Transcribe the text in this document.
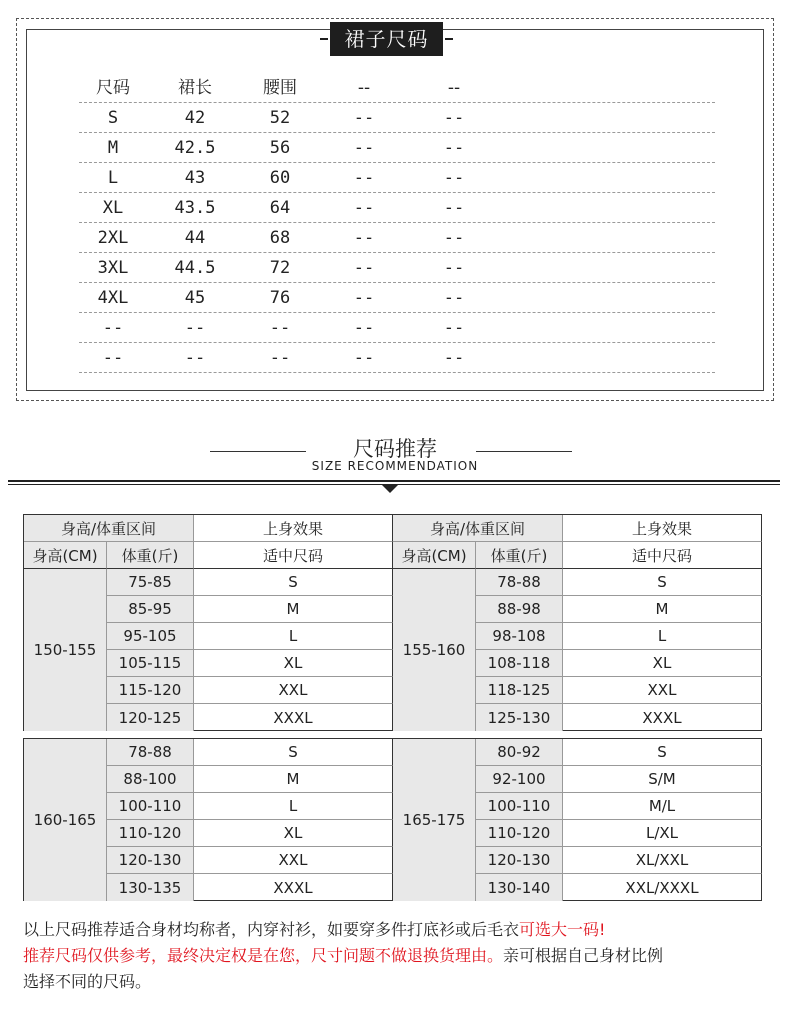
裙子尺码
尺码	裙长	腰围	--	--
S	42	52	--	--
M	42.5	56	--	--
L	43	60	--	--
XL	43.5	64	--	--
2XL	44	68	--	--
3XL	44.5	72	--	--
4XL	45	76	--	--
--	--	--	--	--
--	--	--	--	--
尺码推荐
SIZE RECOMMENDATION
身高/体重区间	上身效果
身高(CM)	体重(斤)	适中尺码
150-155
75-85	S
85-95	M
95-105	L
105-115	XL
115-120	XXL
120-125	XXXL
身高/体重区间	上身效果
身高(CM)	体重(斤)	适中尺码
155-160
78-88	S
88-98	M
98-108	L
108-118	XL
118-125	XXL
125-130	XXXL
160-165
78-88	S
88-100	M
100-110	L
110-120	XL
120-130	XXL
130-135	XXXL
165-175
80-92	S
92-100	S/M
100-110	M/L
110-120	L/XL
120-130	XL/XXL
130-140	XXL/XXXL
以上尺码推荐适合身材均称者，内穿衬衫，如要穿多件打底衫或后毛衣可选大一码!
推荐尺码仅供参考，最终决定权是在您，尺寸问题不做退换货理由。亲可根据自己身材比例
选择不同的尺码。
